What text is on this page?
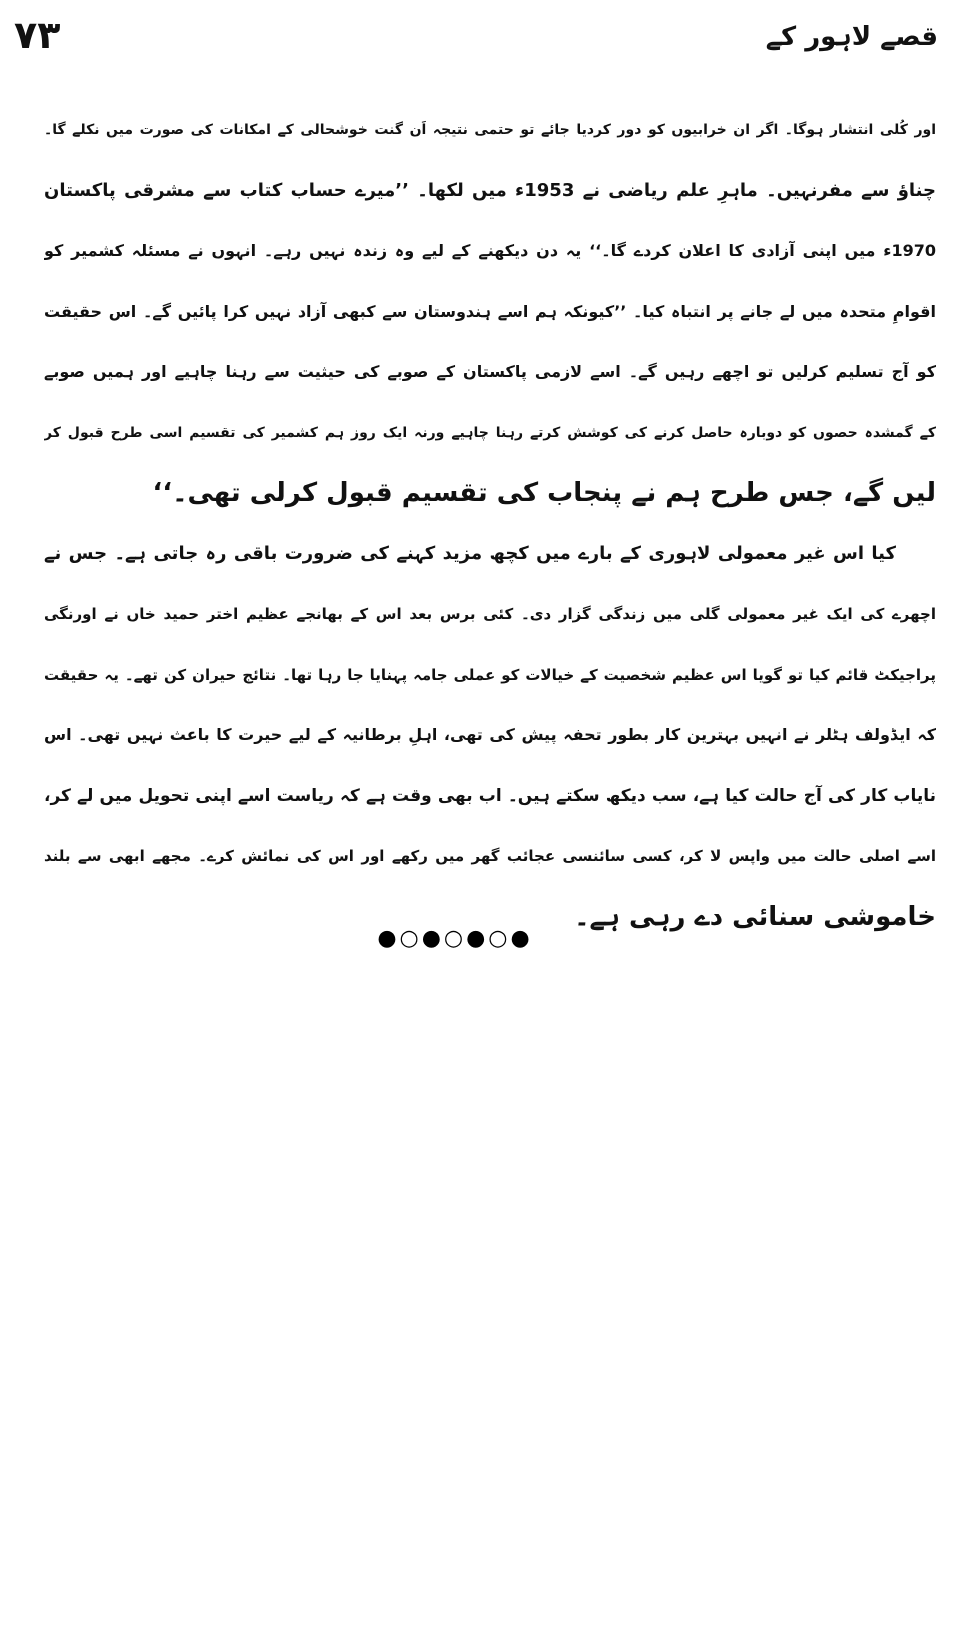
۷۳	قصے لاہور کے
اور کُلی انتشار ہوگا۔ اگر ان خرابیوں کو دور کردیا جائے تو حتمی نتیجہ اَن گنت خوشحالی کے امکانات کی صورت میں نکلے گا۔
چناؤ سے مفرنہیں۔ ماہرِ علم ریاضی نے 1953ء میں لکھا۔ ’’میرے حساب کتاب سے مشرقی پاکستان
1970ء میں اپنی آزادی کا اعلان کردے گا۔‘‘ یہ دن دیکھنے کے لیے وہ زندہ نہیں رہے۔ انہوں نے مسئلہ کشمیر کو
اقوامِ متحدہ میں لے جانے پر انتباہ کیا۔ ’’کیونکہ ہم اسے ہندوستان سے کبھی آزاد نہیں کرا پائیں گے۔ اس حقیقت
کو آج تسلیم کرلیں تو اچھے رہیں گے۔ اسے لازمی پاکستان کے صوبے کی حیثیت سے رہنا چاہیے اور ہمیں صوبے
کے گمشدہ حصوں کو دوبارہ حاصل کرنے کی کوشش کرتے رہنا چاہیے ورنہ ایک روز ہم کشمیر کی تقسیم اسی طرح قبول کر
لیں گے، جس طرح ہم نے پنجاب کی تقسیم قبول کرلی تھی۔‘‘
کیا اس غیر معمولی لاہوری کے بارے میں کچھ مزید کہنے کی ضرورت باقی رہ جاتی ہے۔ جس نے
اچھرے کی ایک غیر معمولی گلی میں زندگی گزار دی۔ کئی برس بعد اس کے بھانجے عظیم اختر حمید خاں نے اورنگی
پراجیکٹ قائم کیا تو گویا اس عظیم شخصیت کے خیالات کو عملی جامہ پہنایا جا رہا تھا۔ نتائج حیران کن تھے۔ یہ حقیقت
کہ ایڈولف ہٹلر نے انہیں بہترین کار بطور تحفہ پیش کی تھی، اہلِ برطانیہ کے لیے حیرت کا باعث نہیں تھی۔ اس
نایاب کار کی آج حالت کیا ہے، سب دیکھ سکتے ہیں۔ اب بھی وقت ہے کہ ریاست اسے اپنی تحویل میں لے کر،
اسے اصلی حالت میں واپس لا کر، کسی سائنسی عجائب گھر میں رکھے اور اس کی نمائش کرے۔ مجھے ابھی سے بلند
خاموشی سنائی دے رہی ہے۔
●○●○●○●
